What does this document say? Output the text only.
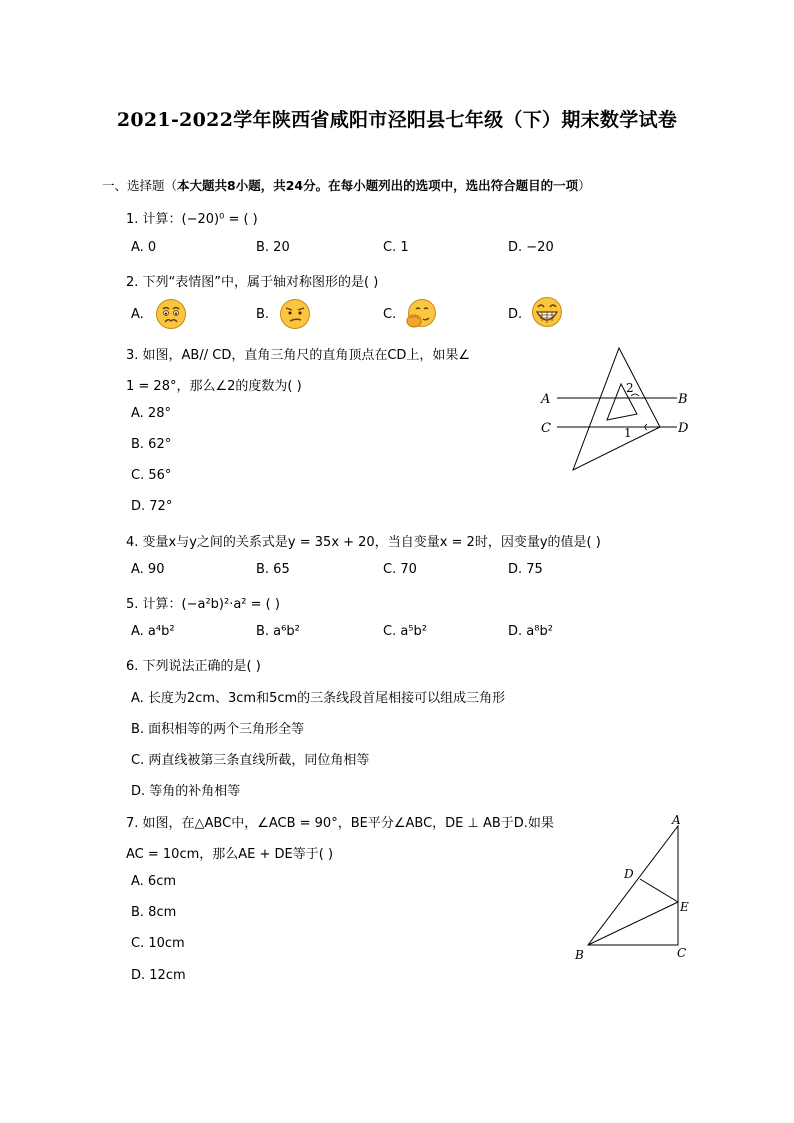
2021-2022学年陕西省咸阳市泾阳县七年级（下）期末数学试卷
一、选择题（本大题共8小题，共24分。在每小题列出的选项中，选出符合题目的一项）
1. 计算：(−20)⁰ = ( )
A. 0	B. 20	C. 1	D. −20
2. 下列“表情图”中，属于轴对称图形的是( )
A.	B.	C.	D.
3. 如图，AB// CD，直角三角尺的直角顶点在CD上，如果∠
1 = 28°，那么∠2的度数为( )
A. 28°
B. 62°
C. 56°
D. 72°
A	B
C	D
1
2
4. 变量x与y之间的关系式是y = 35x + 20，当自变量x = 2时，因变量y的值是( )
A. 90	B. 65	C. 70	D. 75
5. 计算：(−a²b)²·a² = ( )
A. a⁴b²	B. a⁶b²	C. a⁵b²	D. a⁸b²
6. 下列说法正确的是( )
A. 长度为2cm、3cm和5cm的三条线段首尾相接可以组成三角形
B. 面积相等的两个三角形全等
C. 两直线被第三条直线所截，同位角相等
D. 等角的补角相等
7. 如图，在△ABC中，∠ACB = 90°，BE平分∠ABC，DE ⊥ AB于D.如果
AC = 10cm，那么AE + DE等于( )
A. 6cm
B. 8cm
C. 10cm
D. 12cm
A
D
E
B	C
